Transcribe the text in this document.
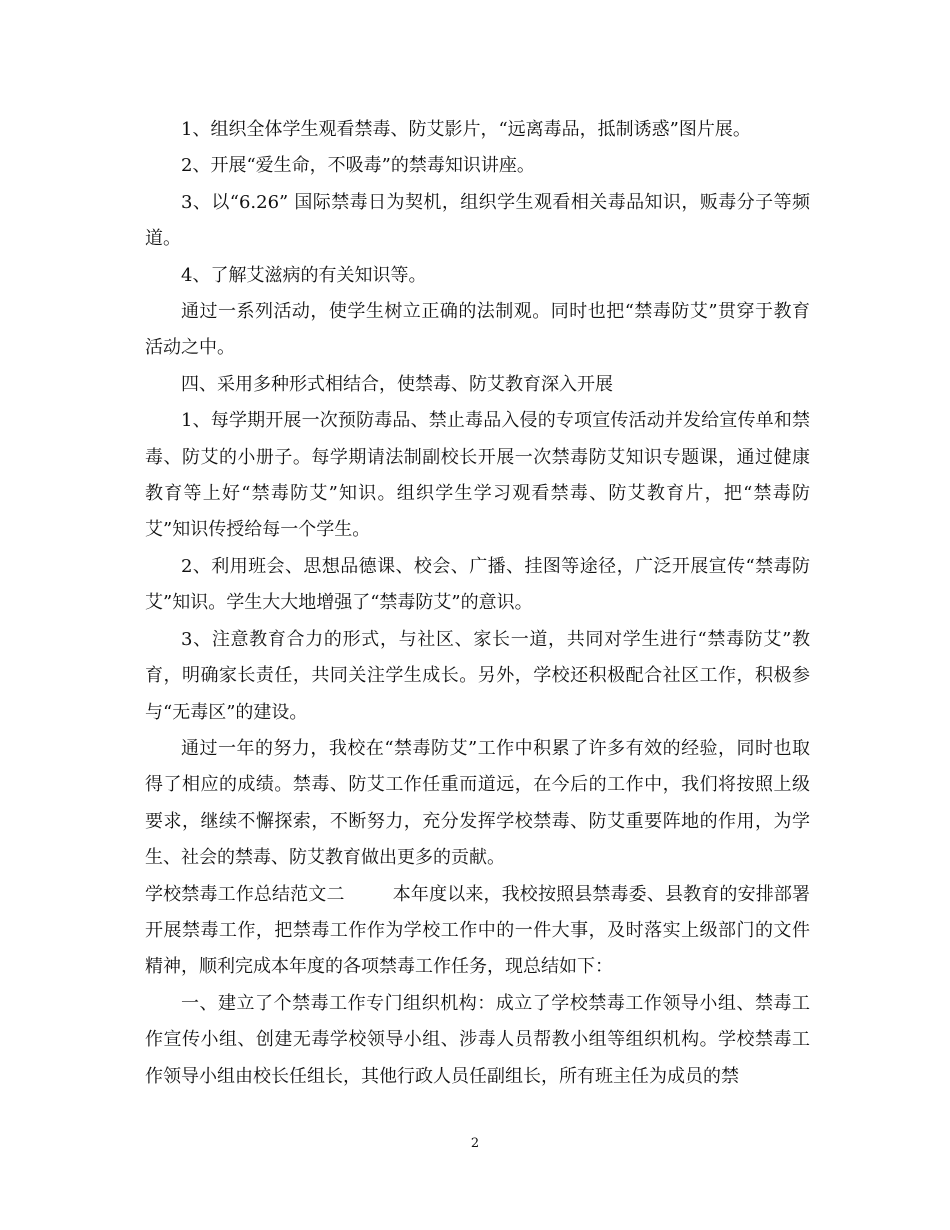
1、组织全体学生观看禁毒、防艾影片，“远离毒品，抵制诱惑”图片展。

2、开展“爱生命，不吸毒”的禁毒知识讲座。

3、以“6.26” 国际禁毒日为契机，组织学生观看相关毒品知识，贩毒分子等频道。

4、了解艾滋病的有关知识等。

通过一系列活动，使学生树立正确的法制观。同时也把“禁毒防艾”贯穿于教育活动之中。

四、采用多种形式相结合，使禁毒、防艾教育深入开展

1、每学期开展一次预防毒品、禁止毒品入侵的专项宣传活动并发给宣传单和禁毒、防艾的小册子。每学期请法制副校长开展一次禁毒防艾知识专题课，通过健康教育等上好“禁毒防艾”知识。组织学生学习观看禁毒、防艾教育片，把“禁毒防艾”知识传授给每一个学生。

2、利用班会、思想品德课、校会、广播、挂图等途径，广泛开展宣传“禁毒防艾”知识。学生大大地增强了“禁毒防艾”的意识。

3、注意教育合力的形式，与社区、家长一道，共同对学生进行“禁毒防艾”教育，明确家长责任，共同关注学生成长。另外，学校还积极配合社区工作，积极参与“无毒区”的建设。

通过一年的努力，我校在“禁毒防艾”工作中积累了许多有效的经验，同时也取得了相应的成绩。禁毒、防艾工作任重而道远，在今后的工作中，我们将按照上级要求，继续不懈探索，不断努力，充分发挥学校禁毒、防艾重要阵地的作用，为学生、社会的禁毒、防艾教育做出更多的贡献。

学校禁毒工作总结范文二	本年度以来，我校按照县禁毒委、县教育的安排部署开展禁毒工作，把禁毒工作作为学校工作中的一件大事，及时落实上级部门的文件精神，顺利完成本年度的各项禁毒工作任务，现总结如下：

一、建立了个禁毒工作专门组织机构：成立了学校禁毒工作领导小组、禁毒工作宣传小组、创建无毒学校领导小组、涉毒人员帮教小组等组织机构。学校禁毒工作领导小组由校长任组长，其他行政人员任副组长，所有班主任为成员的禁

2
